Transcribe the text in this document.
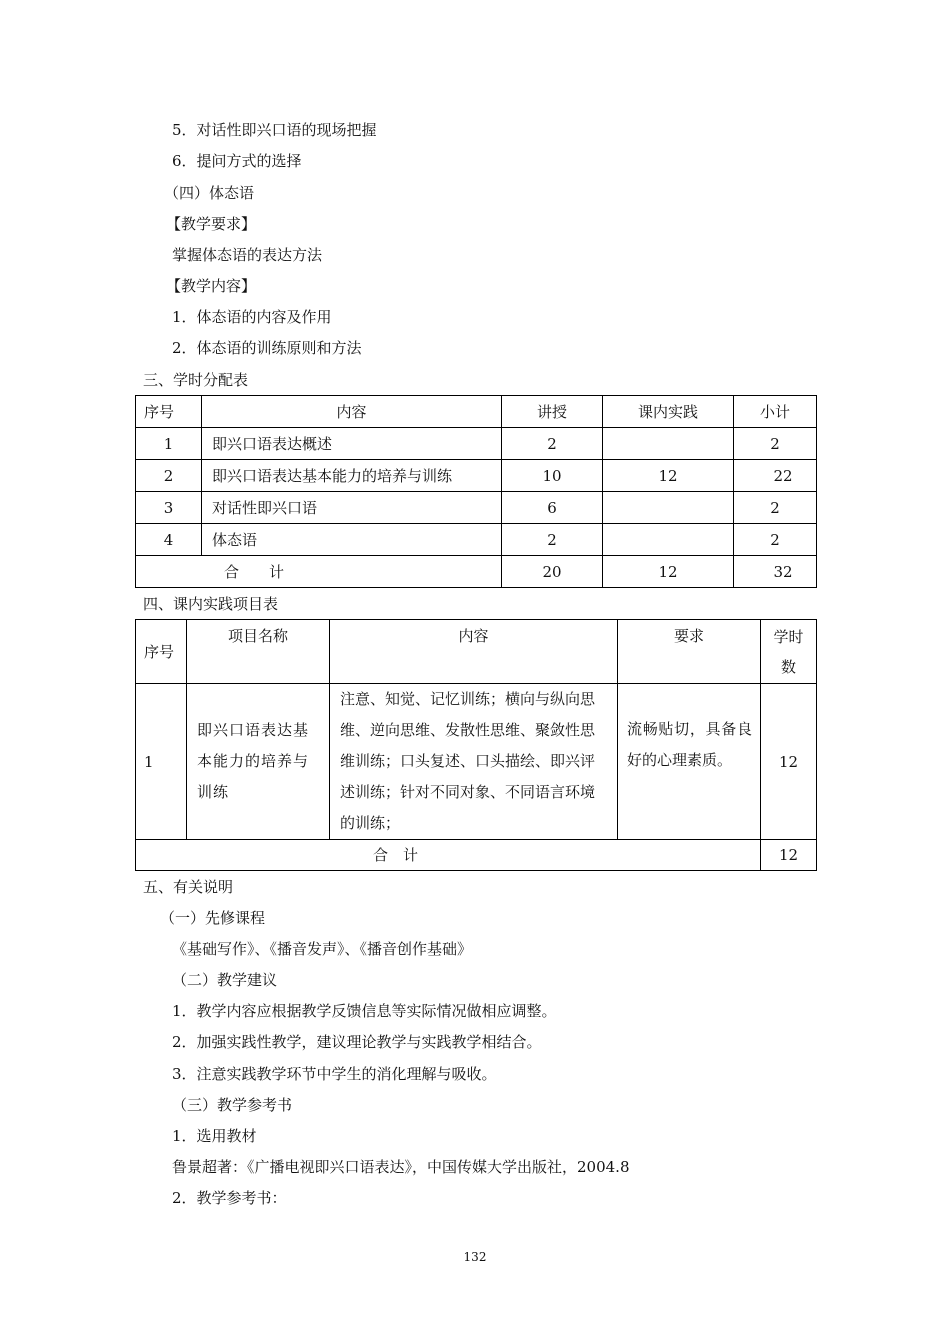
5．对话性即兴口语的现场把握
6．提问方式的选择
（四）体态语
【教学要求】
掌握体态语的表达方法
【教学内容】
1．体态语的内容及作用
2．体态语的训练原则和方法
三、学时分配表
序号	内容	讲授	课内实践	小计
1	即兴口语表达概述	2		2
2	即兴口语表达基本能力的培养与训练	10	12	22
3	对话性即兴口语	6		2
4	体态语	2		2
合　　计		20	12	32
四、课内实践项目表
序号	项目名称	内容	要求	学时数
1	即兴口语表达基本能力的培养与训练	注意、知觉、记忆训练；横向与纵向思维、逆向思维、发散性思维、聚敛性思维训练；口头复述、口头描绘、即兴评述训练；针对不同对象、不同语言环境的训练；	流畅贴切，具备良好的心理素质。	12
合　计				12
五、有关说明
（一）先修课程
《基础写作》、《播音发声》、《播音创作基础》
（二）教学建议
1．教学内容应根据教学反馈信息等实际情况做相应调整。
2．加强实践性教学，建议理论教学与实践教学相结合。
3．注意实践教学环节中学生的消化理解与吸收。
（三）教学参考书
1．选用教材
鲁景超著：《广播电视即兴口语表达》，中国传媒大学出版社，2004.8
2．教学参考书：
132
